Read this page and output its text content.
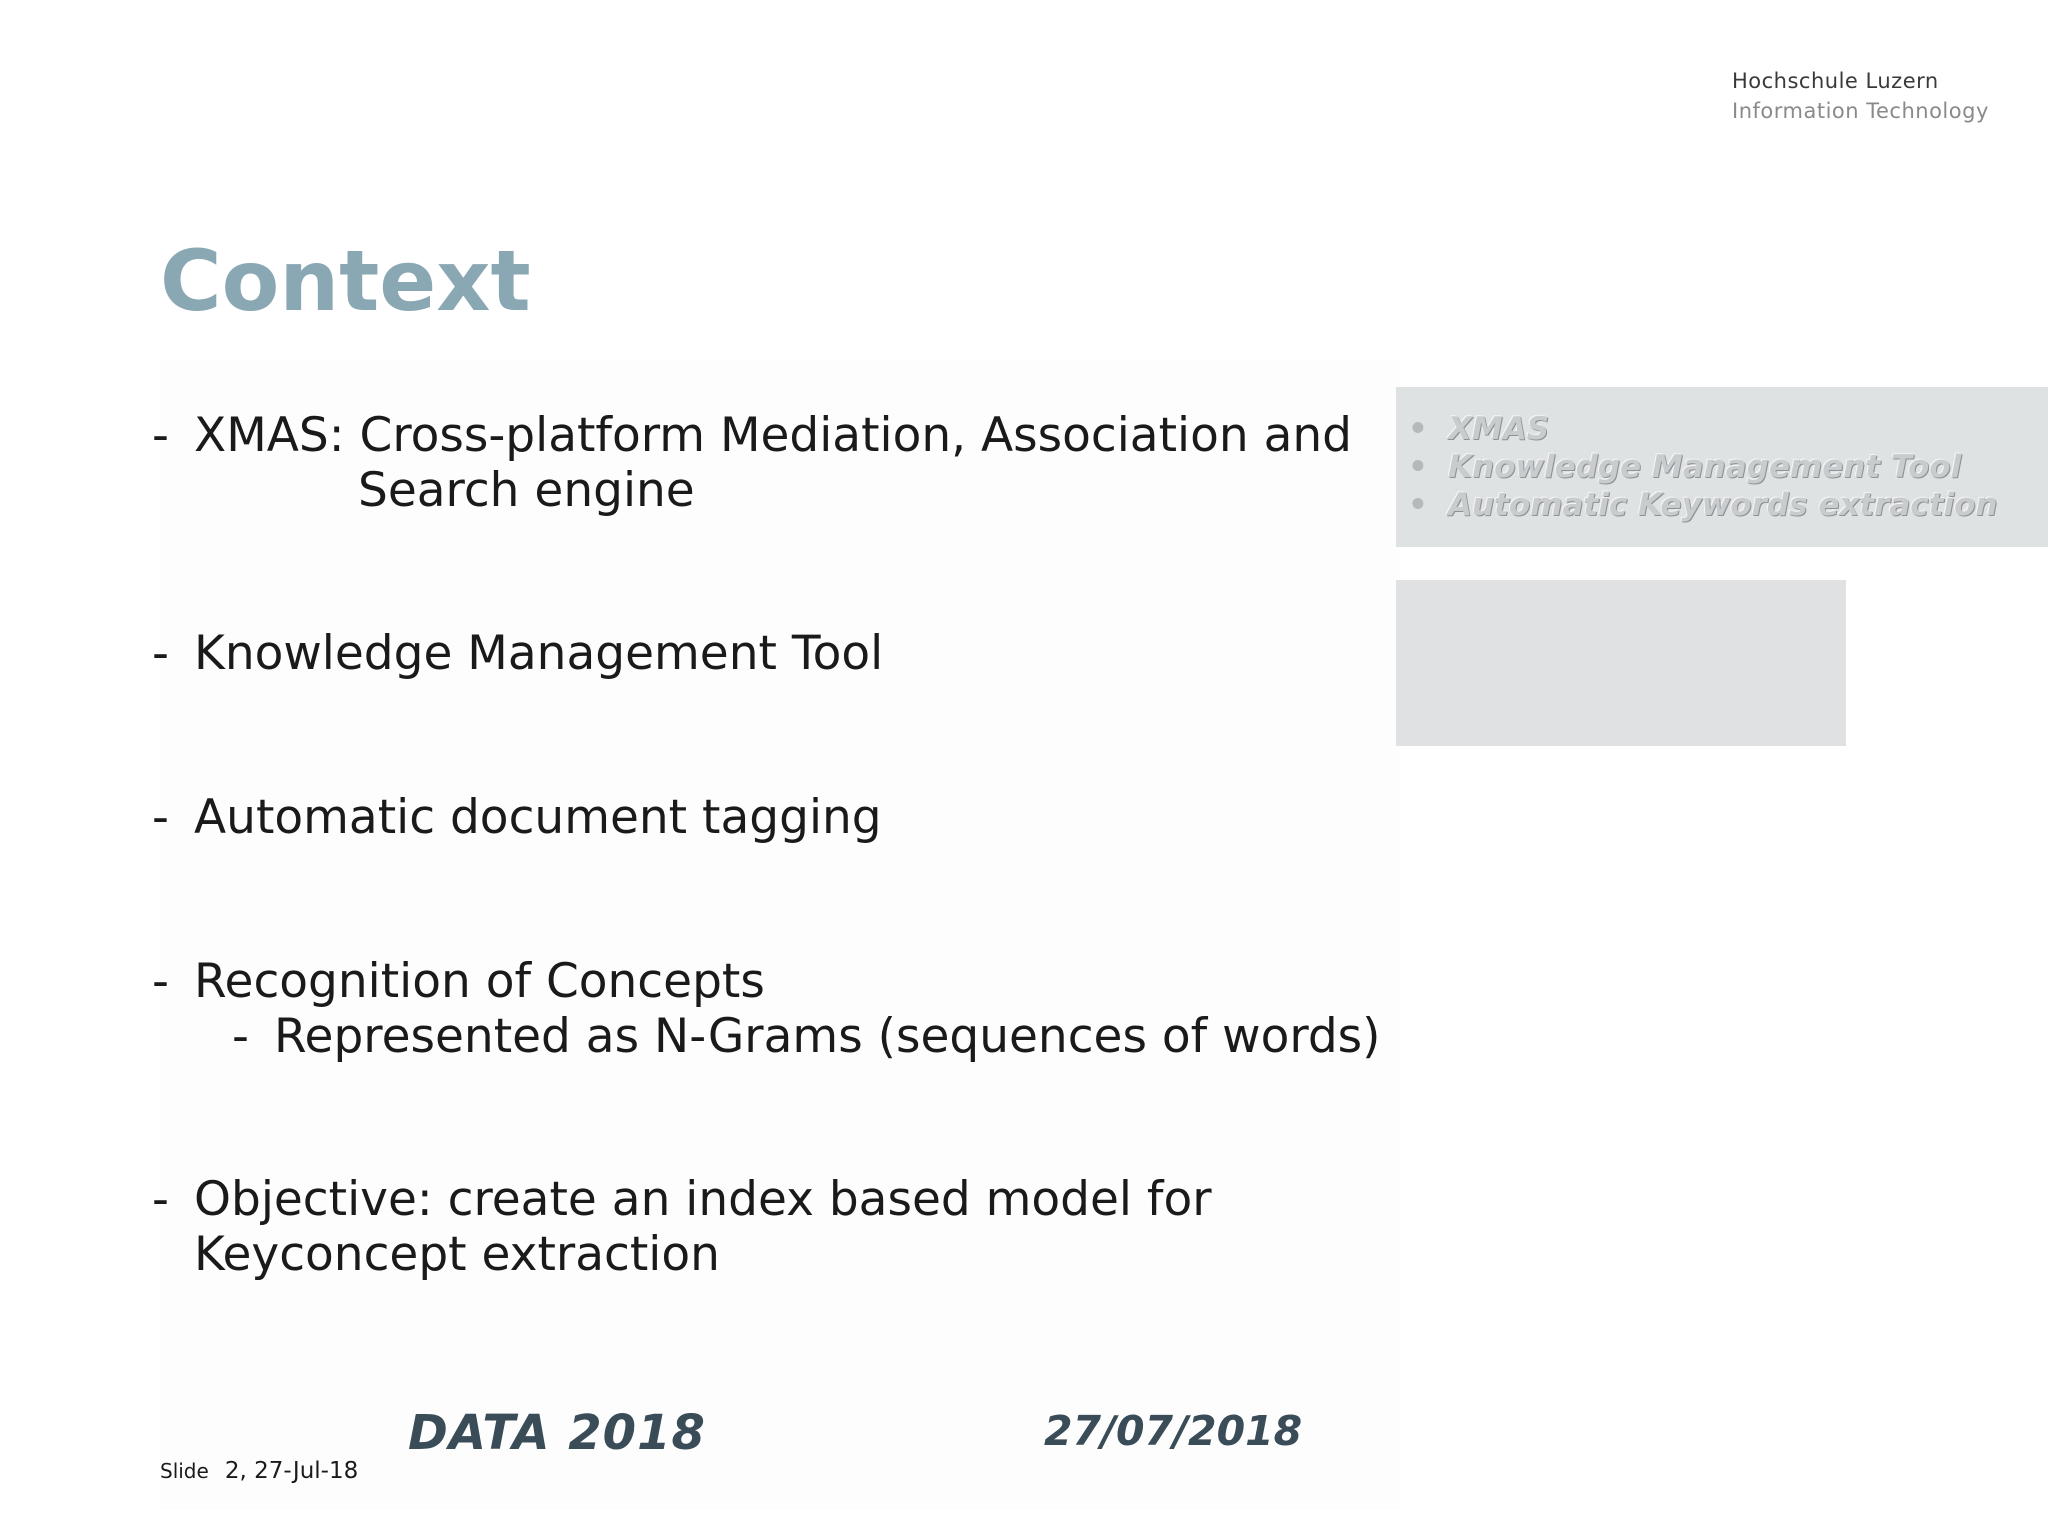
Hochschule Luzern
Information Technology
Context
- XMAS: Cross-platform Mediation, Association and
Search engine
- Knowledge Management Tool
- Automatic document tagging
- Recognition of Concepts
- Represented as N-Grams (sequences of words)
- Objective: create an index based model for
Keyconcept extraction
• XMAS
• Knowledge Management Tool
• Automatic Keywords extraction
DATA 2018	27/07/2018
Slide 2, 27-Jul-18
